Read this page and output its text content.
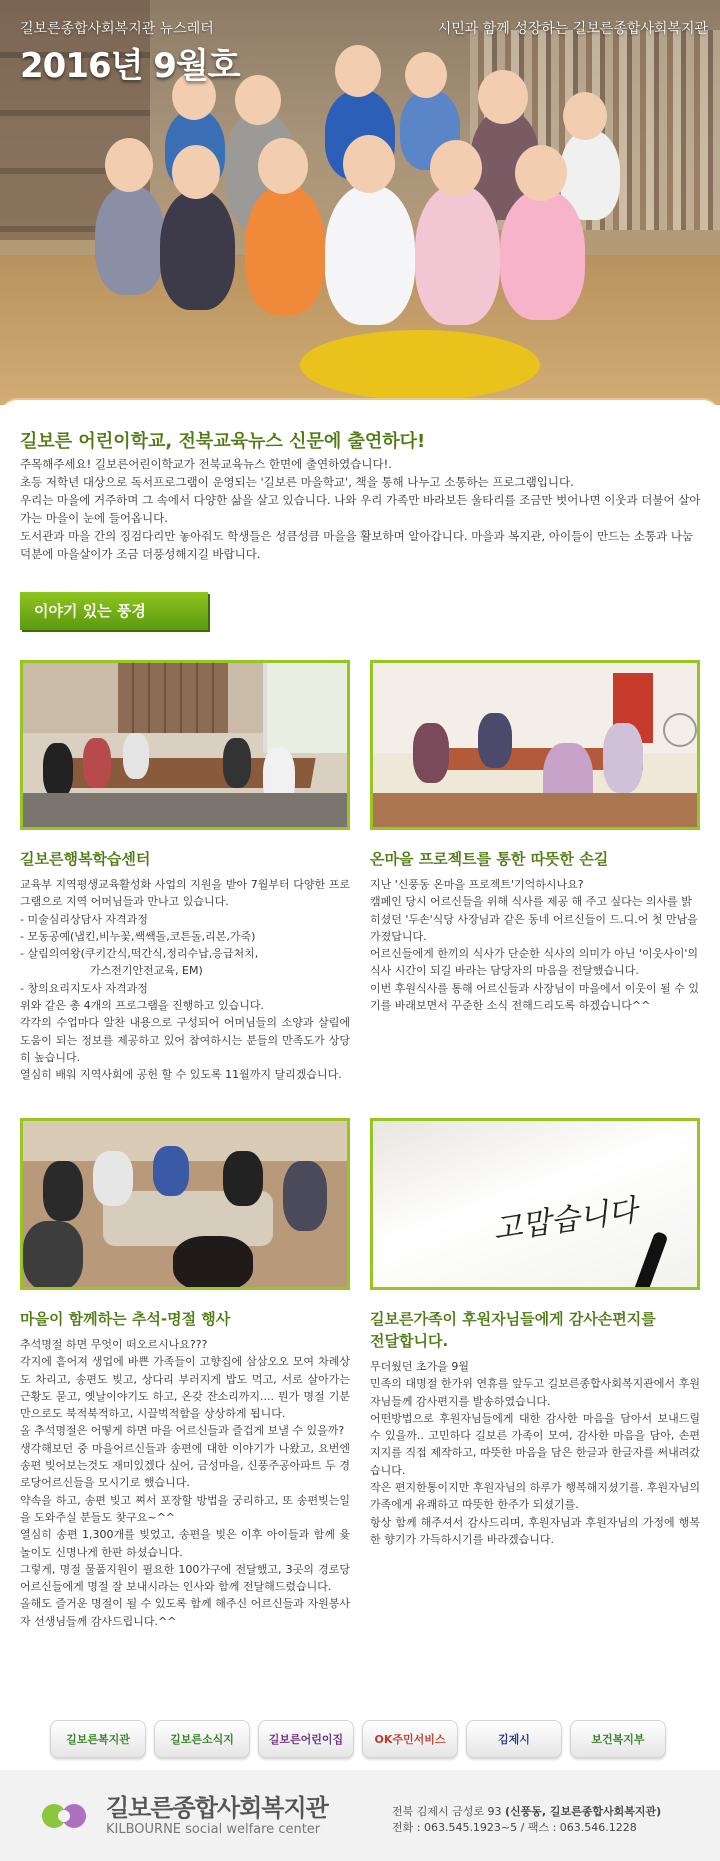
길보른종합사회복지관 뉴스레터
2016년 9월호
시민과 함께 성장하는 길보른종합사회복지관
길보른 어린이학교, 전북교육뉴스 신문에 출연하다!

주목해주세요! 길보른어린이학교가 전북교육뉴스 한면에 출연하였습니다!.

초등 저학년 대상으로 독서프로그램이 운영되는 '길보른 마을학교', 책을 통해 나누고 소통하는 프로그램입니다.

우리는 마을에 거주하며 그 속에서 다양한 삶을 살고 있습니다. 나와 우리 가족만 바라보든 울타리를 조금만 벗어나면 이웃과 더불어 살아가는 마을이 눈에 들어옵니다.

도서관과 마을 간의 징검다리만 놓아줘도 학생들은 성큼성큼 마을을 활보하며 알아갑니다. 마을과 복지관, 아이들이 만드는 소통과 나눔 덕분에 마을살이가 조금 더풍성해지길 바랍니다.

이야기 있는 풍경
길보른행복학습센터

교육부 지역평생교육활성화 사업의 지원을 받아 7월부터 다양한 프로그램으로 지역 어머님들과 만나고 있습니다.

- 미술심리상담사 자격과정

- 모동공예(냅킨,비누꽃,쌕쌕돌,코튼돌,리본,가죽)

- 살림의여왕(쿠키간식,떡간식,정리수납,응급처치,

가스전기안전교육, EM)

- 창의요리지도사 자격과정

위와 같은 총 4개의 프로그램을 진행하고 있습니다.

각각의 수업마다 알찬 내용으로 구성되어 어머님들의 소양과 살림에 도움이 되는 정보를 제공하고 있어 참여하시는 분들의 만족도가 상당히 높습니다.

열심히 배워 지역사회에 공헌 할 수 있도록 11월까지 달리겠습니다.

온마을 프로젝트를 통한 따뜻한 손길

지난 '신풍동 온마을 프로젝트'기억하시나요?

캠페인 당시 어르신들을 위해 식사를 제공 해 주고 싶다는 의사를 밝히셨던 '두손'식당 사장님과 같은 동네 어르신들이 드.디.어 첫 만남을 가졌답니다.

어르신들에게 한끼의 식사가 단순한 식사의 의미가 아닌 '이웃사이'의 식사 시간이 되길 바라는 담당자의 마음을 전달했습니다.

이번 후원식사를 통해 어르신들과 사장님이 마을에서 이웃이 될 수 있기를 바래보면서 꾸준한 소식 전해드리도록 하겠습니다^^

고맙습니다
마을이 함께하는 추석-명절 행사

추석명절 하면 무엇이 떠오르시나요???

각지에 흩어져 생업에 바쁜 가족들이 고향집에 삼삼오오 모여 차례상도 차리고, 송편도 빚고, 상다리 부러지게 밥도 먹고, 서로 살아가는 근황도 묻고, 옛날이야기도 하고, 온갖 잔소리까지.... 뭔가 명절 기분만으로도 북적북적하고, 시끌벅적함을 상상하게 됩니다.

올 추석명절은 어떻게 하면 마을 어르신들과 즐겁게 보낼 수 있을까?

생각해보던 중 마을어르신들과 송편에 대한 이야기가 나왔고, 요번엔 송편 빚어보는것도 재미있겠다 싶어, 금성마을, 신풍주공아파트 두 경로당어르신들을 모시기로 했습니다.

약속을 하고, 송편 빚고 쪄서 포장할 방법을 궁리하고, 또 송편빚는일을 도와주실 분들도 찾구요~^^

열심히 송편 1,300개를 빚었고, 송편을 빚은 이후 아이들과 함께 윷놀이도 신명나게 한판 하셨습니다.

그렇게, 명절 물품지원이 필요한 100가구에 전달했고, 3곳의 경로당 어르신들에게 명절 잘 보내시라는 인사와 함께 전달해드렸습니다.

올해도 즐거운 명절이 될 수 있도록 함께 해주신 어르신들과 자원봉사자 선생님들께 감사드립니다.^^

길보른가족이 후원자님들에게 감사손편지를 전달합니다.

무더웠던 초가을 9월

민족의 대명절 한가위 연휴를 앞두고 길보른종합사회복지관에서 후원자님들께 감사편지를 발송하였습니다.

어떤방법으로 후원자님들에게 대한 감사한 마음을 담아서 보내드릴 수 있을까.. 고민하다 길보른 가족이 모여, 감사한 마음을 담아, 손편지지를 직접 제작하고, 따뜻한 마음을 담은 한글과 한글자를 써내려갔습니다.

작은 편지한통이지만 후원자님의 하루가 행복해지셨기를. 후원자님의 가족에게 유쾌하고 따뜻한 한주가 되셨기를.

항상 함께 해주셔서 감사드리며, 후원자님과 후원자님의 가정에 행복한 향기가 가득하시기를 바라겠습니다.

길보른복지관	길보른소식지	길보른어린이집	OK주민서비스	김제시	보건복지부
길보른종합사회복지관
KILBOURNE social welfare center
전북 김제시 금성로 93 (신풍동, 길보른종합사회복지관)
전화 : 063.545.1923~5 / 팩스 : 063.546.1228
